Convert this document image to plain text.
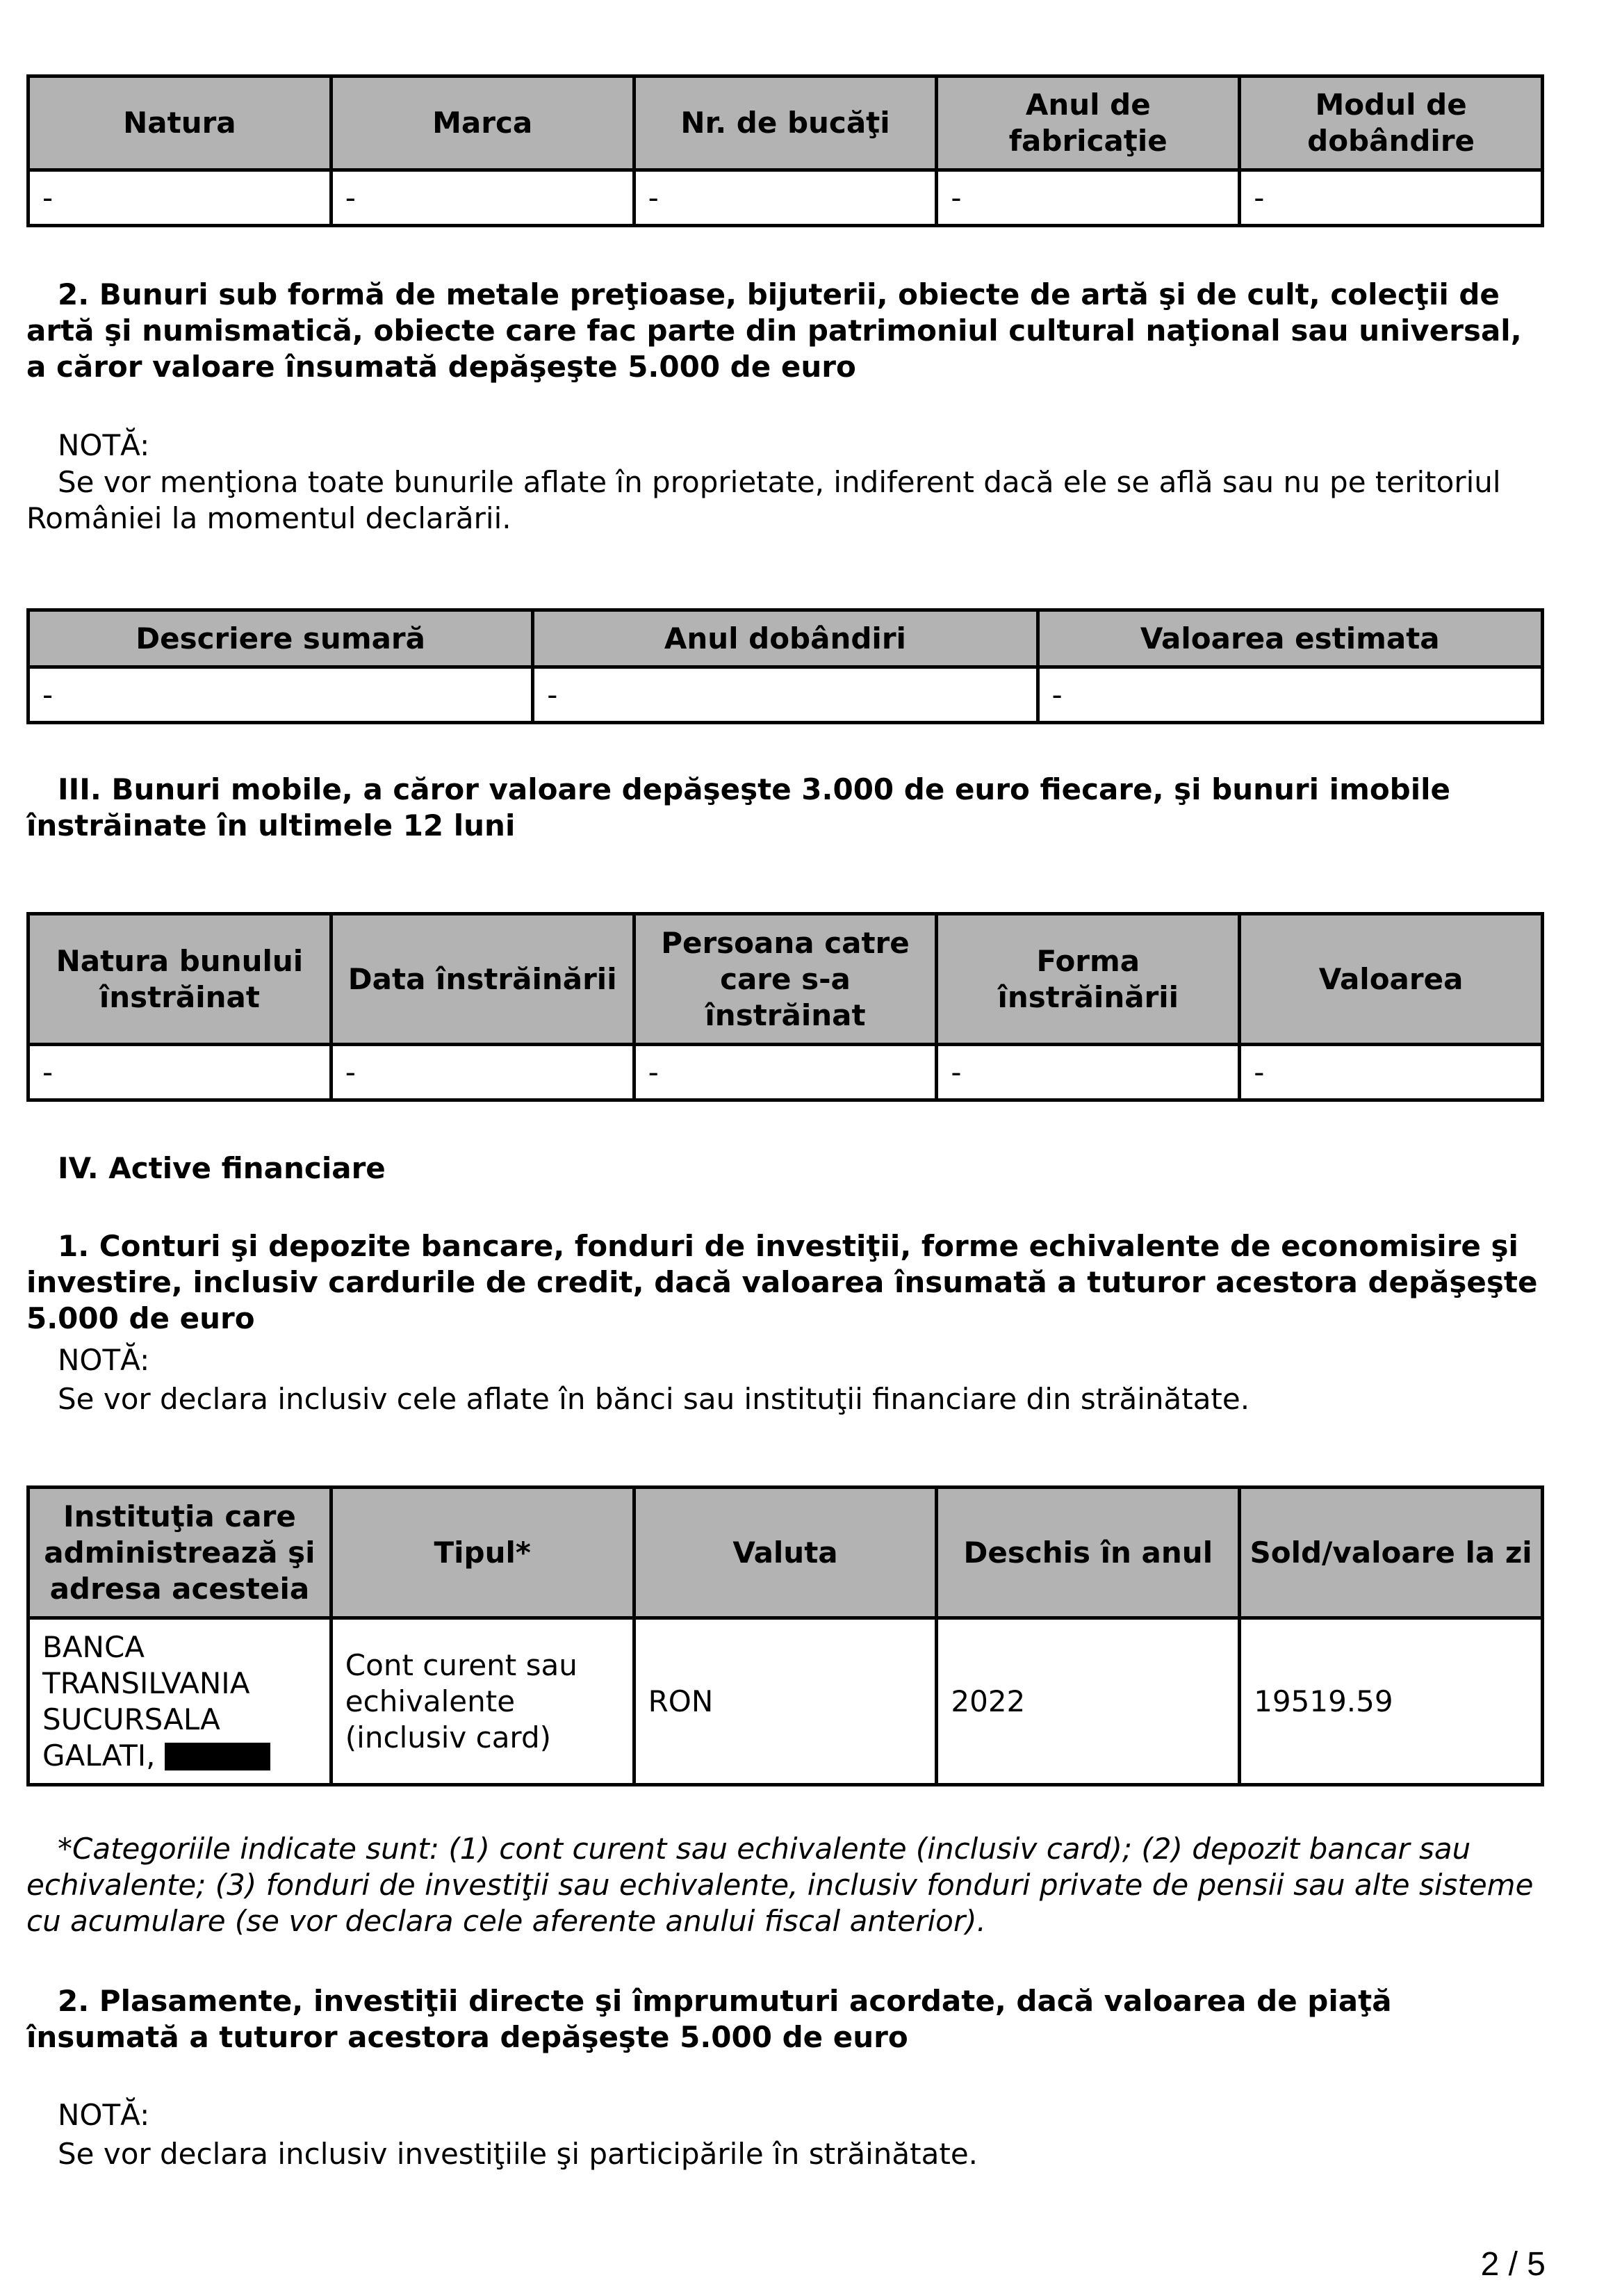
Natura	Marca	Nr. de bucăţi	Anul de fabricaţie	Modul de dobândire
-	-	-	-	-

2. Bunuri sub formă de metale preţioase, bijuterii, obiecte de artă şi de cult, colecţii de artă şi numismatică, obiecte care fac parte din patrimoniul cultural naţional sau universal, a căror valoare însumată depăşeşte 5.000 de euro

NOTĂ:

Se vor menţiona toate bunurile aflate în proprietate, indiferent dacă ele se află sau nu pe teritoriul României la momentul declarării.

Descriere sumară	Anul dobândiri	Valoarea estimata
-	-	-

III. Bunuri mobile, a căror valoare depăşeşte 3.000 de euro fiecare, şi bunuri imobile înstrăinate în ultimele 12 luni

Natura bunului înstrăinat	Data înstrăinării	Persoana catre care s-a înstrăinat	Forma înstrăinării	Valoarea
-	-	-	-	-

IV. Active financiare

1. Conturi şi depozite bancare, fonduri de investiţii, forme echivalente de economisire şi investire, inclusiv cardurile de credit, dacă valoarea însumată a tuturor acestora depăşeşte 5.000 de euro

NOTĂ:
Se vor declara inclusiv cele aflate în bănci sau instituţii financiare din străinătate.
Instituţia care administrează şi adresa acesteia	Tipul*	Valuta	Deschis în anul	Sold/valoare la zi
BANCA TRANSILVANIA SUCURSALA GALATI,	Cont curent sau echivalente (inclusiv card)	RON	2022	19519.59

*Categoriile indicate sunt: (1) cont curent sau echivalente (inclusiv card); (2) depozit bancar sau echivalente; (3) fonduri de investiţii sau echivalente, inclusiv fonduri private de pensii sau alte sisteme cu acumulare (se vor declara cele aferente anului fiscal anterior).

2. Plasamente, investiţii directe şi împrumuturi acordate, dacă valoarea de piaţă însumată a tuturor acestora depăşeşte 5.000 de euro

NOTĂ:
Se vor declara inclusiv investiţiile şi participările în străinătate.
2 / 5
